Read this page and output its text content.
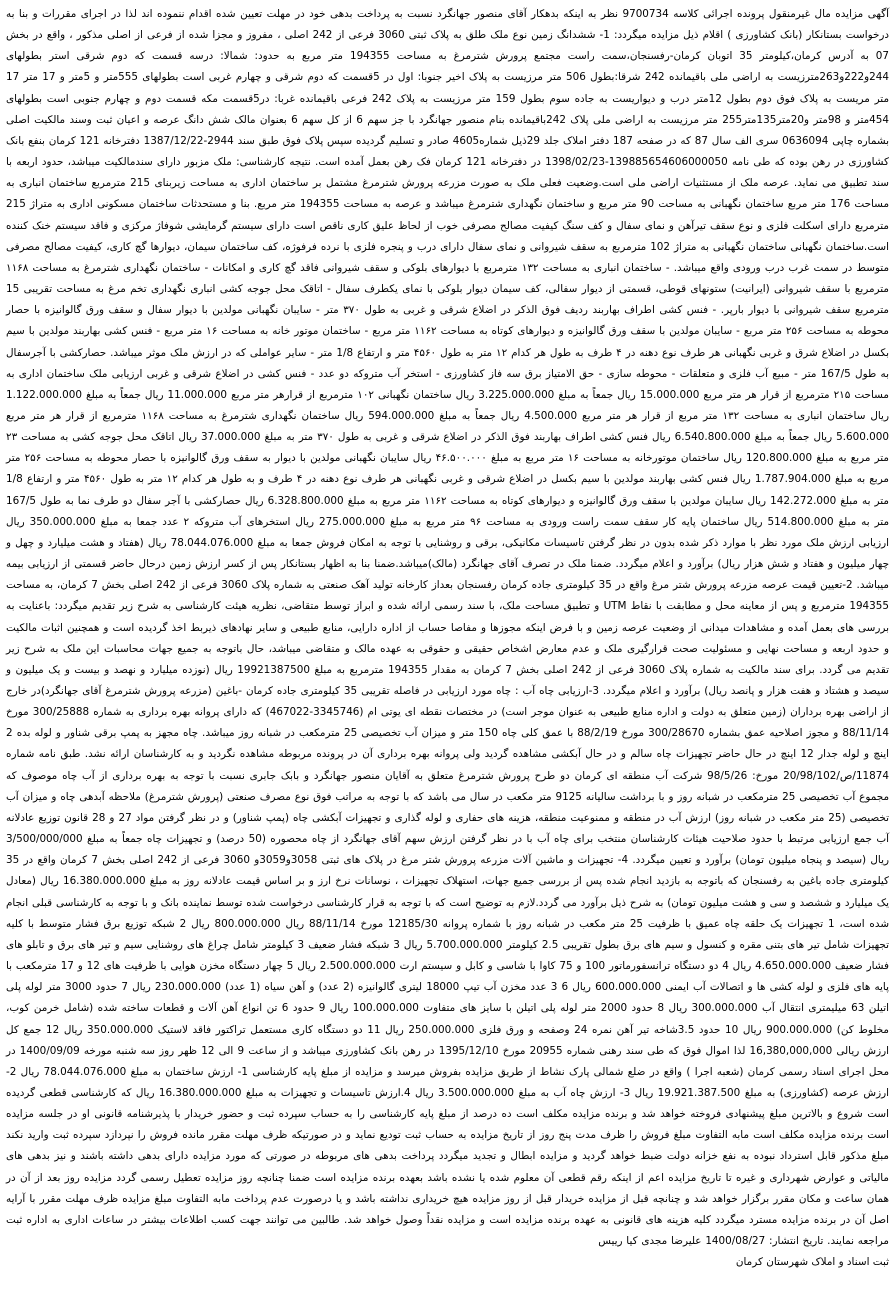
آگهی مزایده مال غیرمنقول پرونده اجرائی کلاسه 9700734 نظر به اینکه بدهکار آقای منصور جهانگرد نسبت به پرداخت بدهی خود در مهلت تعیین شده اقدام ننموده اند لذا در اجرای مقررات و بنا به درخواست بستانکار (بانک کشاورزی ) اقلام ذیل مزایده میگردد: 1- ششدانگ زمین نوع ملک طلق به پلاک ثبتی 3060 فرعی از 242 اصلی ، مفروز و مجزا شده از فرعی از اصلی مذکور ، واقع در بخش 07 به آدرس کرمان،کیلومتر 35 اتوبان کرمان-رفسنجان،سمت راست مجتمع پرورش شترمرغ به مساحت 194355 متر مربع به حدود: شمالا: درسه قسمت که دوم شرقی استر بطولهای 244و222و263مترزیست به اراضی ملی باقیمانده 242 شرقا:بطول 506 متر مرزیست به پلاک اخیر جنوبا: اول در 5قسمت که دوم شرقی و چهارم غربی است بطولهای 555متر و 5متر و 17 متر 17 متر مریست به پلاک فوق دوم بطول 12متر درب و دیواریست به جاده سوم بطول 159 متر مرزیست به پلاک 242 فرعی باقیمانده غربا: در5قسمت مکه قسمت دوم و چهارم جنوبی است بطولهای 454متر و 98متر و20متر135متر255 متر مرزیست به اراضی ملی پلاک 242باقیمانده بنام منصور جهانگرد با جز سهم 6 از کل سهم 6 بعنوان مالک شش دانگ عرصه و اعیان ثبت وسند مالکیت اصلی بشماره چاپی 0636094 سری الف سال 87 که در صفحه 187 دفتر املاک جلد 29ذیل شماره4605 صادر و تسلیم گردیده سپس پلاک فوق طبق سند 2944-1387/12/22 دفترخانه 121 کرمان بنفع بانک کشاورزی در رهن بوده که طی نامه 139885654606000050-1398/02/23 در دفترخانه 121 کرمان فک رهن بعمل آمده است. نتیجه کارشناسی: ملک مزبور دارای سندمالکیت میباشد، حدود اربعه با سند تطبیق می نماید. عرصه ملک از مستثنیات اراضی ملی است.وضعیت فعلی ملک به صورت مزرعه پرورش شترمرغ مشتمل بر ساختمان اداری به مساحت زیربنای 215 مترمربع ساختمان انباری به مساحت 176 متر مربع ساختمان نگهبانی به مساحت 90 متر مربع و ساختمان نگهداری شترمرغ میباشد و عرصه به مساحت 194355 متر مربع. بنا و مستحدثات ساختمان مسکونی اداری به متراژ 215 مترمربع دارای اسکلت فلزی و نوع سقف تیرآهن و نمای سفال و کف سنگ کیفیت مصالح مصرفی خوب از لحاظ علیق کاری ناقص است دارای سیستم گرمایشی شوفاژ مرکزی و فاقد سیستم خنک کننده است.ساختمان نگهبانی ساختمان نگهبانی به متراژ 102 مترمربع به سقف شیروانی و نمای سفال دارای درب و پنجره فلزی با نرده فرفوژه، کف ساختمان سیمان، دیوارها گچ کاری، کیفیت مصالح مصرفی متوسط در سمت غرب درب ورودی واقع میباشد. - ساختمان انباری به مساحت ۱۳۲ مترمربع با دیوارهای بلوکی و سقف شیروانی فاقد گچ کاری و امکانات - ساختمان نگهداری شترمرغ به مساحت ۱۱۶۸ مترمربع با سقف شیروانی (ایرانیت) ستونهای قوطی، قسمتی از دیوار سفالی، کف سیمان دیوار بلوکی با نمای یکطرف سفال - اتاقک محل جوجه کشی انباری نگهداری تخم مرغ به مساحت تقریبی 15 مترمربع سقف شیروانی با دیوار بارپر. - فنس کشی اطراف بهاربند ردیف فوق الذکر در اضلاع شرقی و غربی به طول ۳۷۰ متر - سایبان نگهبانی مولدین با دیوار سفال و سقف ورق گالوانیزه با حصار محوطه به مساحت ۲۵۶ متر مربع - سایبان مولدین با سقف ورق گالوانیزه و دیوارهای کوتاه به مساحت ۱۱۶۲ متر مربع - ساختمان موتور خانه به مساحت ۱۶ متر مربع - فنس کشی بهاربند مولدین با سیم بکسل در اضلاع شرق و غربی نگهبانی هر طرف نوع دهنه در ۴ طرف به طول هر کدام ۱۲ متر به طول ۴۵۶۰ متر و ارتفاع 1/8 متر - سایر عواملی که در ارزش ملک موثر میباشد. حصارکشی با آجرسفال به طول 167/5 متر - مبیع آب فلزی و متعلقات - محوطه سازی - حق الامتیاز برق سه فاز کشاورزی - استخر آب متروکه دو عدد - فنس کشی در اضلاع شرقی و غربی ارزیابی ملک ساختمان اداری به مساحت ۲۱۵ مترمربع از قرار هر متر مربع 15.000.000 ریال جمعاً به مبلغ 3.225.000.000 ریال ساختمان نگهبانی ۱۰۲ مترمربع از قرارهر متر مربع 11.000.000 ریال جمعاً به مبلغ 1.122.000.000 ریال ساختمان انباری به مساحت ۱۳۲ متر مربع از قرار هر متر مربع 4.500.000 ریال جمعاً به مبلغ 594.000.000 ریال ساختمان نگهداری شترمرغ به مساحت ۱۱۶۸ مترمربع از قرار هر متر مربع 5.600.000 ریال جمعاً به مبلغ 6.540.800.000 ریال فنس کشی اطراف بهاربند فوق الذکر در اضلاع شرقی و غربی به طول ۳۷۰ متر به مبلغ 37.000.000 ریال اتاقک محل جوجه کشی به مساحت ۲۳ متر مربع به مبلغ 120.800.000 ریال ساختمان موتورخانه به مساحت ۱۶ متر مربع به مبلغ ۴۶.۵۰۰.۰۰۰ ریال سایبان نگهبانی مولدین با دیوار به سقف ورق گالوانیزه با حصار محوطه به مساحت ۲۵۶ متر مربع به مبلغ 1.787.904.000 ریال فنس کشی بهاربند مولدین با سیم بکسل در اضلاع شرقی و غربی نگهبانی هر طرف نوع دهنه در ۴ طرف و به طول هر کدام ۱۲ متر به طول ۴۵۶۰ متر و ارتفاع 1/8 متر به مبلغ 142.272.000 ریال سایبان مولدین با سقف ورق گالوانیزه و دیوارهای کوتاه به مساحت ۱۱۶۲ متر مربع به مبلغ 6.328.800.000 ریال حصارکشی با آجر سفال دو طرف نما به طول 167/5 متر به مبلغ 514.800.000 ریال ساختمان پایه کار سقف سمت راست ورودی به مساحت ۹۶ متر مربع به مبلغ 275.000.000 ریال استخرهای آب متروکه ۲ عدد جمعا به مبلغ 350.000.000 ریال ارزیابی ارزش ملک مورد نظر با موارد ذکر شده بدون در نظر گرفتن تاسیسات مکانیکی، برقی و روشنایی با توجه به امکان فروش جمعا به مبلغ 78.044.076.000 ریال (هفتاد و هشت میلیارد و چهل و چهار میلیون و هفتاد و شش هزار ریال) برآورد و اعلام میگردد. ضمنا ملک در تصرف آقای جهانگرد (مالک)میباشد.ضمنا بنا به اظهار بستانکار پس از کسر ارزش زمین درحال حاضر قسمتی از ارزیابی بیمه میباشد. 2-تعیین قیمت عرصه مزرعه پرورش شتر مرغ واقع در 35 کیلومتری جاده کرمان رفسنجان بعداز کارخانه تولید آهک صنعتی به شماره پلاک 3060 فرعی از 242 اصلی بخش 7 کرمان، به مساحت 194355 مترمربع و پس از معاینه محل و مطابقت با نقاط UTM و تطبیق مساحت ملک، با سند رسمی ارائه شده و ابراز توسط متقاضی، نظریه هیئت کارشناسی به شرح زیر تقدیم میگردد: باعنایت به بررسی های بعمل آمده و مشاهدات میدانی از وضعیت عرصه زمین و با فرض اینکه مجوزها و مفاصا حساب از اداره دارایی، منابع طبیعی و سایر نهادهای ذیربط اخذ گردیده است و همچنین اثبات مالکیت و حدود اربعه و مساحت نهایی و مسئولیت صحت قرارگیری ملک و عدم معارض اشخاص حقیقی و حقوقی به عهده مالک و متقاضی میباشد، حال باتوجه به جمیع جهات محاسبات این ملک به شرح زیر تقدیم می گردد. برای سند مالکیت به شماره پلاک 3060 فرعی از 242 اصلی بخش 7 کرمان به مقدار 194355 مترمربع به مبلغ 19921387500 ریال (نوزده میلیارد و نهصد و بیست و یک میلیون و سیصد و هشتاد و هفت هزار و پانصد ریال) برآورد و اعلام میگردد. 3-ارزیابی چاه آب : چاه مورد ارزیابی در فاصله تقریبی 35 کیلومتری جاده کرمان -باغین (مزرعه پرورش شترمرغ آقای جهانگرد)در خارج از اراضی بهره برداران (زمین متعلق به دولت و اداره منابع طبیعی به عنوان موجر است) در مختصات نقطه ای یوتی ام (3345746-467022) که دارای پروانه بهره برداری به شماره 300/25888 مورخ 88/11/14 و مجوز اصلاحیه عمق بشماره 300/28670 مورخ 88/2/19 با عمق کلی چاه 150 متر و میزان آب تخصیصی 25 مترمکعب در شبانه روز میباشد. چاه مجهز به پمپ برقی شناور و لوله بده 2 اینچ و لوله جدار 12 اینچ در حال حاضر تجهیزات چاه سالم و در حال آبکشی مشاهده گردید ولی پروانه بهره برداری آن در پرونده مربوطه مشاهده نگردید و به کارشناسان ارائه نشد. طبق نامه شماره 11874/ص/20/98/102 مورخ: 98/5/26 شرکت آب منطقه ای کرمان دو طرح پرورش شترمرغ متعلق به آقایان منصور جهانگرد و بابک جابری نسبت با توجه به بهره برداری از آب چاه موصوف که مجموع آب تخصیصی 25 مترمکعب در شبانه روز و با برداشت سالیانه 9125 متر مکعب در سال می باشد که با توجه به مراتب فوق نوع مصرف صنعتی (پرورش شترمرغ) ملاحظه آبدهی چاه و میزان آب تخصیصی (25 متر مکعب در شبانه روز) ارزش آب در منطقه و ممنوعیت منطقه، هزینه های حفاری و لوله گذاری و تجهیزات آبکشی چاه (پمپ شناور) و در نظر گرفتن مواد 27 و 28 قانون توزیع عادلانه آب جمع ارزیابی مرتبط با حدود صلاحیت هیئات کارشناسان منتخب برای چاه آب با در نظر گرفتن ارزش سهم آقای جهانگرد از چاه محصوره (50 درصد) و تجهیزات چاه جمعاً به مبلغ 3/500/000/000 ریال (سیصد و پنجاه میلیون تومان) برآورد و تعیین میگردد. 4- تجهیزات و ماشین آلات مزرعه پرورش شتر مرغ در پلاک های ثبتی 3058و3059و 3060 فرعی از 242 اصلی بخش 7 کرمان واقع در 35 کیلومتری جاده باغین به رفسنجان که باتوجه به بازدید انجام شده پس از بررسی جمیع جهات، استهلاک تجهیزات ، نوسانات نرخ ارز و بر اساس قیمت عادلانه روز به مبلغ 16.380.000.000 ریال (معادل یک میلیارد و ششصد و سی و هشت میلیون تومان) به شرح ذیل برآورد می گردد.لازم به توضیح است که با توجه به قرار کارشناسی درخواست شده توسط نماینده بانک و با توجه به کارشناسی قبلی انجام شده است، 1 تجهیزات یک حلقه چاه عمیق با ظرفیت 25 متر مکعب در شبانه روز با شماره پروانه 12185/30 مورخ 88/11/14 ریال 800.000.000 ریال 2 شبکه توزیع برق فشار متوسط با کلیه تجهیزات شامل تیر های بتنی مقره و کنسول و سیم های برق بطول تقریبی 2.5 کیلومتر 5.700.000.000 ریال 3 شبکه فشار ضعیف 3 کیلومتر شامل چراغ های روشنایی سیم و تیر های برق و تابلو های فشار ضعیف 4.650.000.000 ریال 4 دو دستگاه ترانسفورماتور 100 و 75 کاوا با شاسی و کابل و سیستم ارت 2.500.000.000 ریال 5 چهار دستگاه مخزن هوایی با ظرفیت های 12 و 17 مترمکعب با پایه های فلزی و لوله کشی ها و اتصالات آب ایمنی 600.000.000 ریال 6 3 عدد مخزن آب تیپ 18000 لیتری گالوانیزه (2 عدد) و آهن سیاه (1 عدد) 230.000.000 ریال 7 حدود 3000 متر لوله پلی اتیلن 63 میلیمتری انتقال آب 300.000.000 ریال 8 حدود 2000 متر لوله پلی اتیلن با سایز های متفاوت 100.000.000 ریال 9 حدود 6 تن انواع آهن آلات و قطعات ساخته شده (شامل خرمن کوب، مخلوط کن) 900.000.000 ریال 10 حدود 3.5شاخه تیر آهن نمره 24 وصفحه و ورق فلزی 250.000.000 ریال 11 دو دستگاه کاری مستعمل تراکتور فاقد لاستیک 350.000.000 ریال 12 جمع کل ارزش ریالی 16,380,000,000 لذا اموال فوق که طی سند رهنی شماره 20955 مورخ 1395/12/10 در رهن بانک کشاورزی میباشد و از ساعت 9 الی 12 ظهر روز سه شنبه مورخه 1400/09/09 در محل اجرای اسناد رسمی کرمان (شعبه اجرا ) واقع در ضلع شمالی پارک نشاط از طریق مزایده بفروش میرسد و مزایده از مبلغ پایه کارشناسی 1- ارزش ساختمان به مبلغ 78.044.076.000 ریال 2- ارزش عرصه (کشاورزی) به مبلغ 19.921.387.500 ریال 3- ارزش چاه آب به مبلغ 3.500.000.000 ریال 4.ارزش تاسیسات و تجهیزات به مبلغ 16.380.000.000 ریال که کارشناسی قطعی گردیده است شروع و بالاترین مبلغ پیشنهادی فروخته خواهد شد و برنده مزایده مکلف است ده درصد از مبلغ پایه کارشناسی را به حساب سپرده ثبت و حضور خریدار با پذیرشنامه قانونی او در جلسه مزایده است برنده مزایده مکلف است مابه التفاوت مبلغ فروش را ظرف مدت پنج روز از تاریخ مزایده به حساب ثبت تودیع نماید و در صورتیکه ظرف مهلت مقرر مانده فروش را نپردازد سپرده ثبت وارید نکند مبلغ مذکور قابل استرداد نبوده به نفع خزانه دولت ضبط خواهد گردید و مزایده ابطال و تجدید میگردد پرداخت بدهی های مربوطه در صورتی که مورد مزایده دارای بدهی داشته باشند و نیز بدهی های مالیاتی و عوارض شهرداری و غیره تا تاریخ مزایده اعم از اینکه رقم قطعی آن معلوم شده یا نشده باشد بعهده برنده مزایده است ضمنا چنانچه روز مزایده تعطیل رسمی گردد مزایده روز بعد از آن در همان ساعت و مکان مقرر برگزار خواهد شد و چنانچه قبل از مزایده خریدار قبل از روز مزایده هیچ خریداری نداشته باشد و یا درصورت عدم پرداخت مابه التفاوت مبلغ مزایده ظرف مهلت مقرر با آرایه اصل آن در برنده مزایده مسترد میگردد کلیه هزینه های قانونی به عهده برنده مزایده است و مزایده نقداً وصول خواهد شد. طالبین می توانند جهت کسب اطلاعات بیشتر در ساعات اداری به اداره ثبت مراجعه نمایند. تاریخ انتشار: 1400/08/27 علیرضا مجدی کیا رییس

ثبت اسناد و املاک شهرستان کرمان
